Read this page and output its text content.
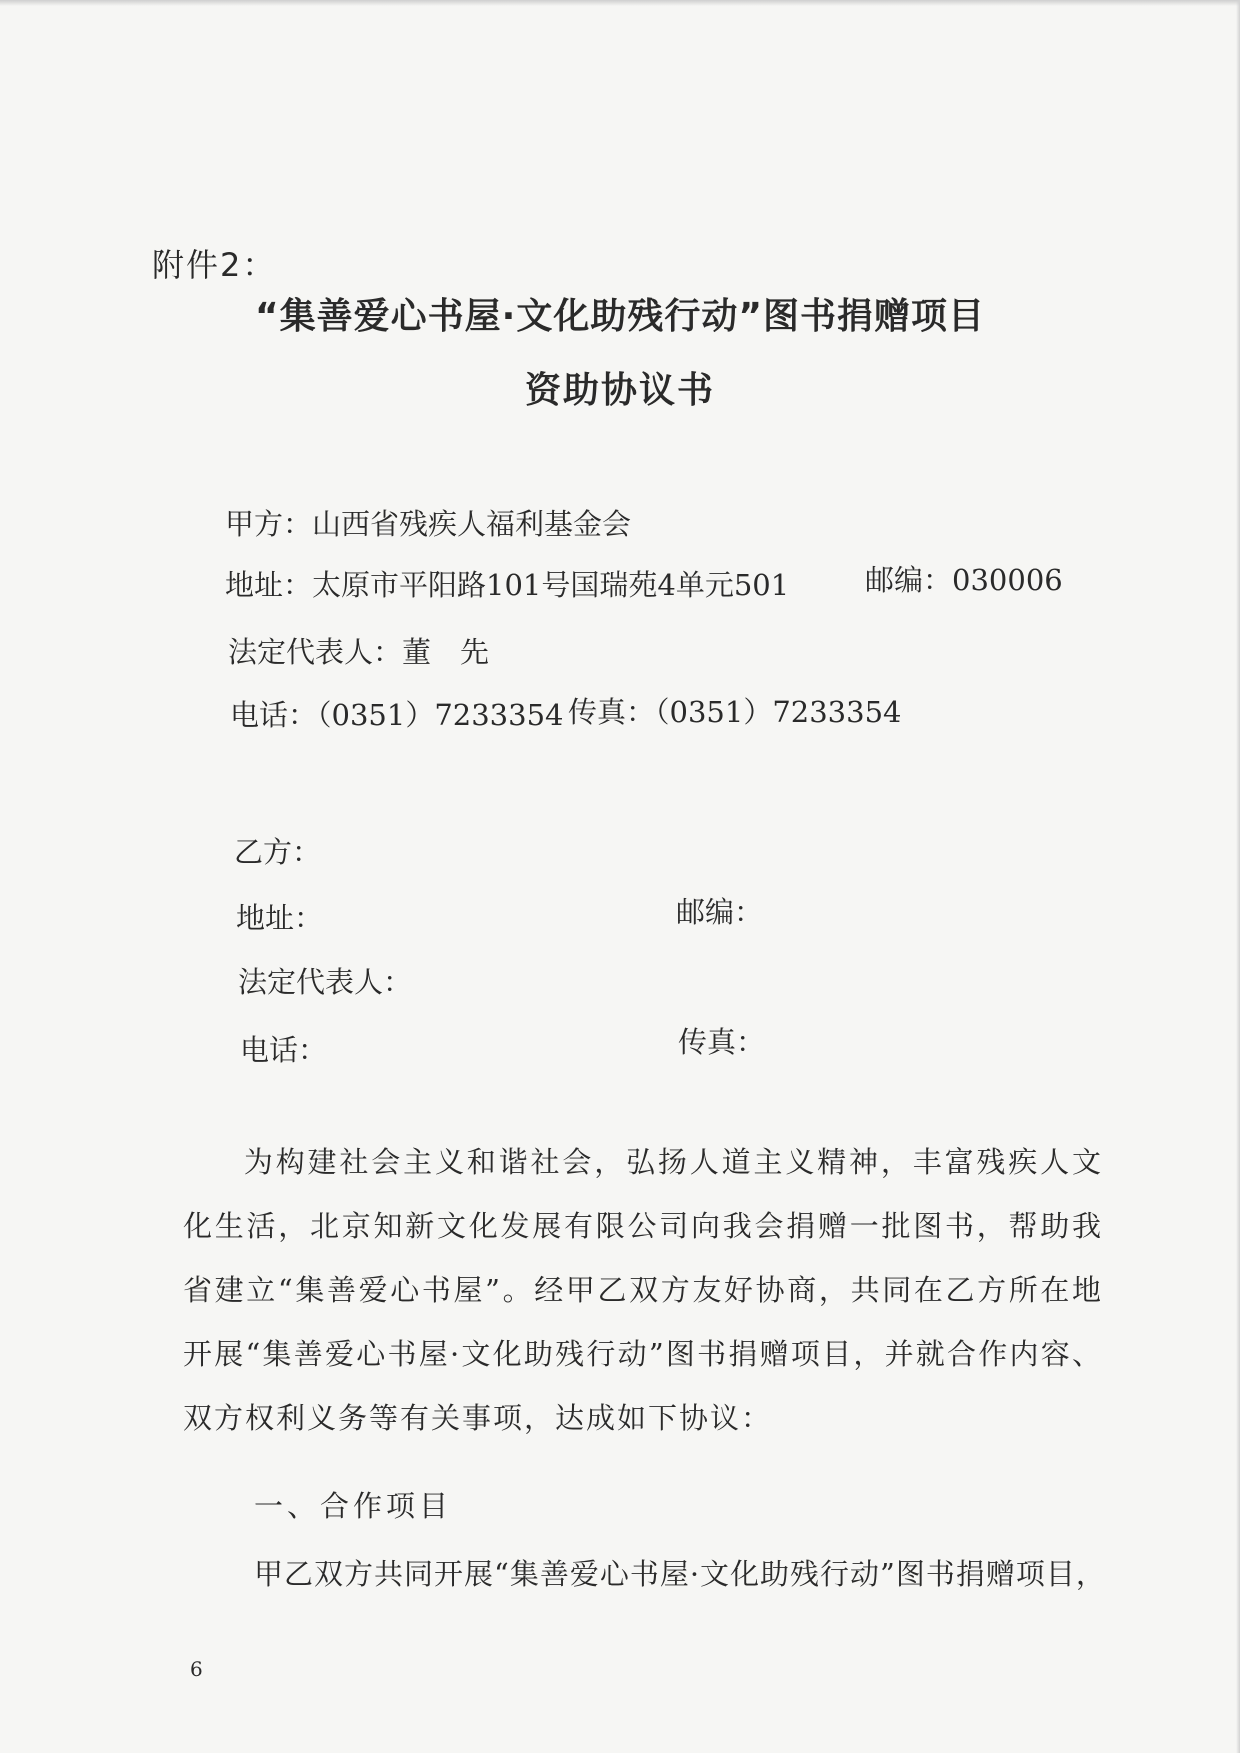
附件2：
“集善爱心书屋·文化助残行动”图书捐赠项目
资助协议书
甲方：山西省残疾人福利基金会
地址：太原市平阳路101号国瑞苑4单元501	邮编：030006
法定代表人：董　先
电话：（0351）7233354 传真：（0351）7233354
乙方：
地址：	邮编：
法定代表人：
电话：	传真：
为构建社会主义和谐社会，弘扬人道主义精神，丰富残疾人文化生活，北京知新文化发展有限公司向我会捐赠一批图书，帮助我省建立“集善爱心书屋”。经甲乙双方友好协商，共同在乙方所在地开展“集善爱心书屋·文化助残行动”图书捐赠项目，并就合作内容、双方权利义务等有关事项，达成如下协议：
一、合作项目
甲乙双方共同开展“集善爱心书屋·文化助残行动”图书捐赠项目，
6
